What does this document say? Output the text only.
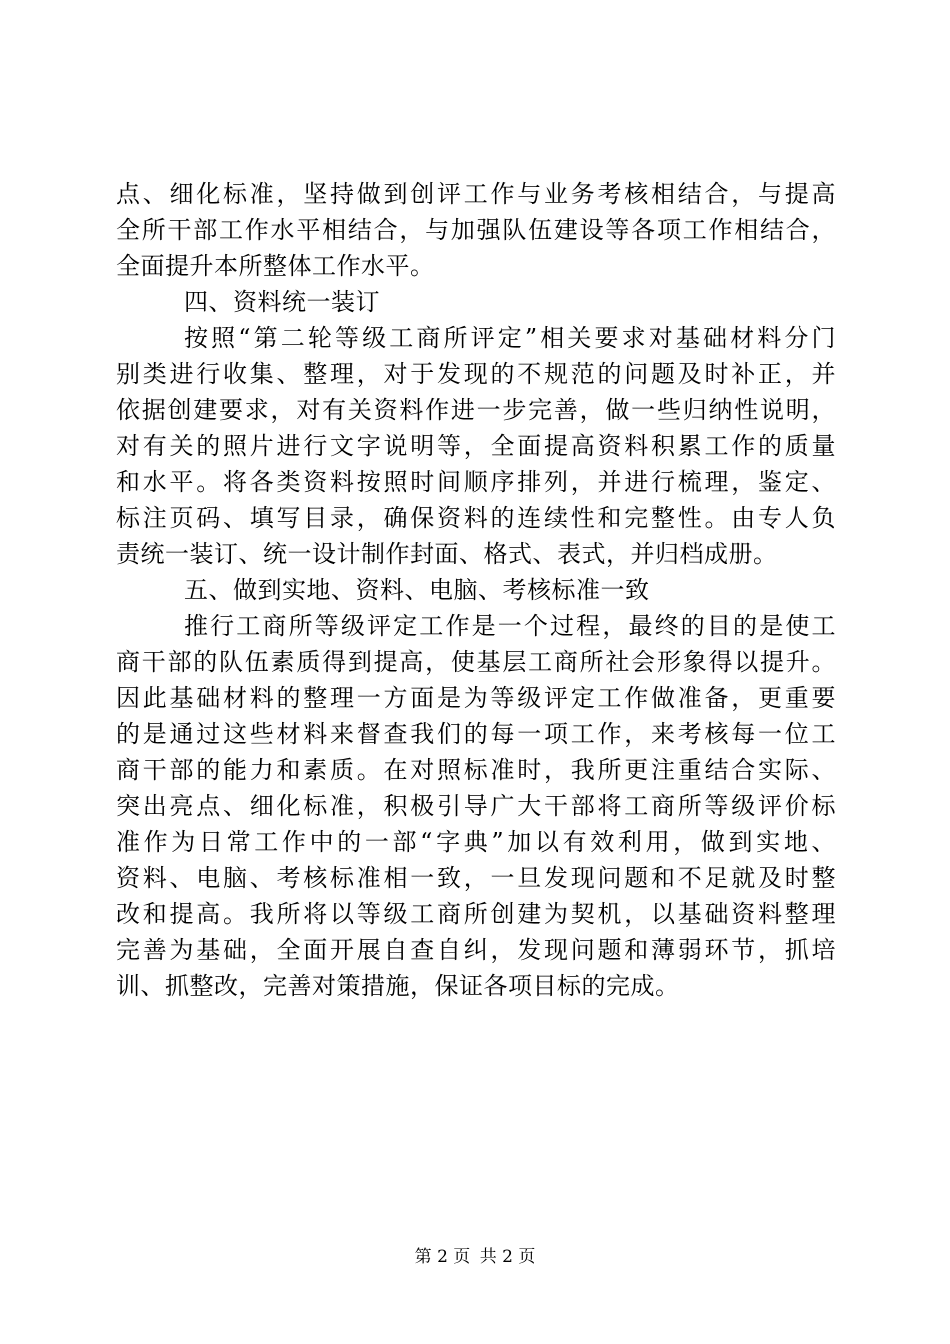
点、细化标准，坚持做到创评工作与业务考核相结合，与提高
全所干部工作水平相结合，与加强队伍建设等各项工作相结合，
全面提升本所整体工作水平。
四、资料统一装订
按照“第二轮等级工商所评定”相关要求对基础材料分门
别类进行收集、整理，对于发现的不规范的问题及时补正，并
依据创建要求，对有关资料作进一步完善，做一些归纳性说明，
对有关的照片进行文字说明等，全面提高资料积累工作的质量
和水平。将各类资料按照时间顺序排列，并进行梳理，鉴定、
标注页码、填写目录，确保资料的连续性和完整性。由专人负
责统一装订、统一设计制作封面、格式、表式，并归档成册。
五、做到实地、资料、电脑、考核标准一致
推行工商所等级评定工作是一个过程，最终的目的是使工
商干部的队伍素质得到提高，使基层工商所社会形象得以提升。
因此基础材料的整理一方面是为等级评定工作做准备，更重要
的是通过这些材料来督查我们的每一项工作，来考核每一位工
商干部的能力和素质。在对照标准时，我所更注重结合实际、
突出亮点、细化标准，积极引导广大干部将工商所等级评价标
准作为日常工作中的一部“字典”加以有效利用，做到实地、
资料、电脑、考核标准相一致，一旦发现问题和不足就及时整
改和提高。我所将以等级工商所创建为契机，以基础资料整理
完善为基础，全面开展自查自纠，发现问题和薄弱环节，抓培
训、抓整改，完善对策措施，保证各项目标的完成。
第 2 页 共 2 页
